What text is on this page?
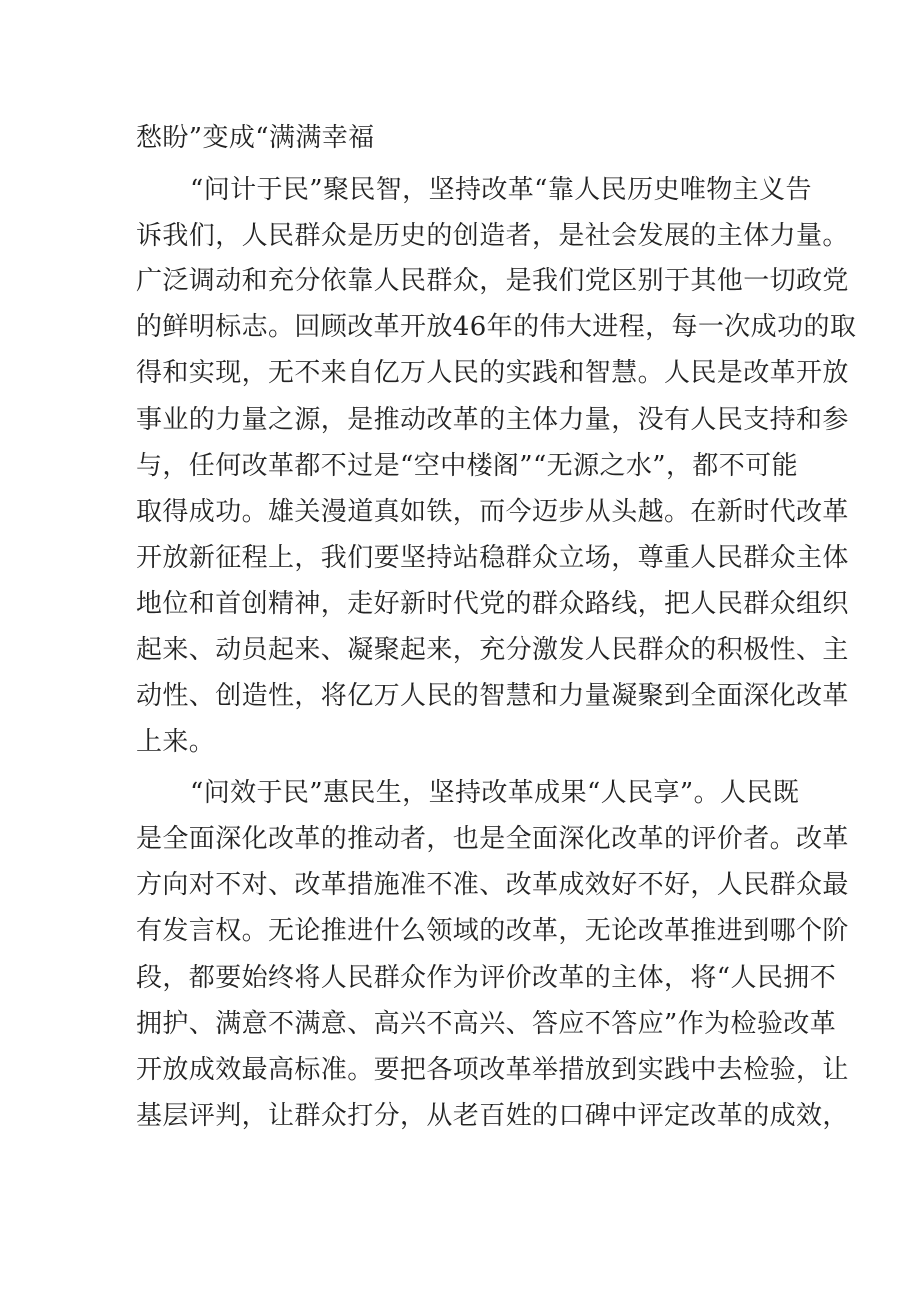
愁盼”变成“满满幸福
“问计于民”聚民智，坚持改革“靠人民历史唯物主义告
诉我们，人民群众是历史的创造者，是社会发展的主体力量。
广泛调动和充分依靠人民群众，是我们党区别于其他一切政党
的鲜明标志。回顾改革开放46年的伟大进程，每一次成功的取
得和实现，无不来自亿万人民的实践和智慧。人民是改革开放
事业的力量之源，是推动改革的主体力量，没有人民支持和参
与，任何改革都不过是“空中楼阁”“无源之水”，都不可能
取得成功。雄关漫道真如铁，而今迈步从头越。在新时代改革
开放新征程上，我们要坚持站稳群众立场，尊重人民群众主体
地位和首创精神，走好新时代党的群众路线，把人民群众组织
起来、动员起来、凝聚起来，充分激发人民群众的积极性、主
动性、创造性，将亿万人民的智慧和力量凝聚到全面深化改革
上来。
“问效于民”惠民生，坚持改革成果“人民享”。人民既
是全面深化改革的推动者，也是全面深化改革的评价者。改革
方向对不对、改革措施准不准、改革成效好不好，人民群众最
有发言权。无论推进什么领域的改革，无论改革推进到哪个阶
段，都要始终将人民群众作为评价改革的主体，将“人民拥不
拥护、满意不满意、高兴不高兴、答应不答应”作为检验改革
开放成效最高标准。要把各项改革举措放到实践中去检验，让
基层评判，让群众打分，从老百姓的口碑中评定改革的成效，
